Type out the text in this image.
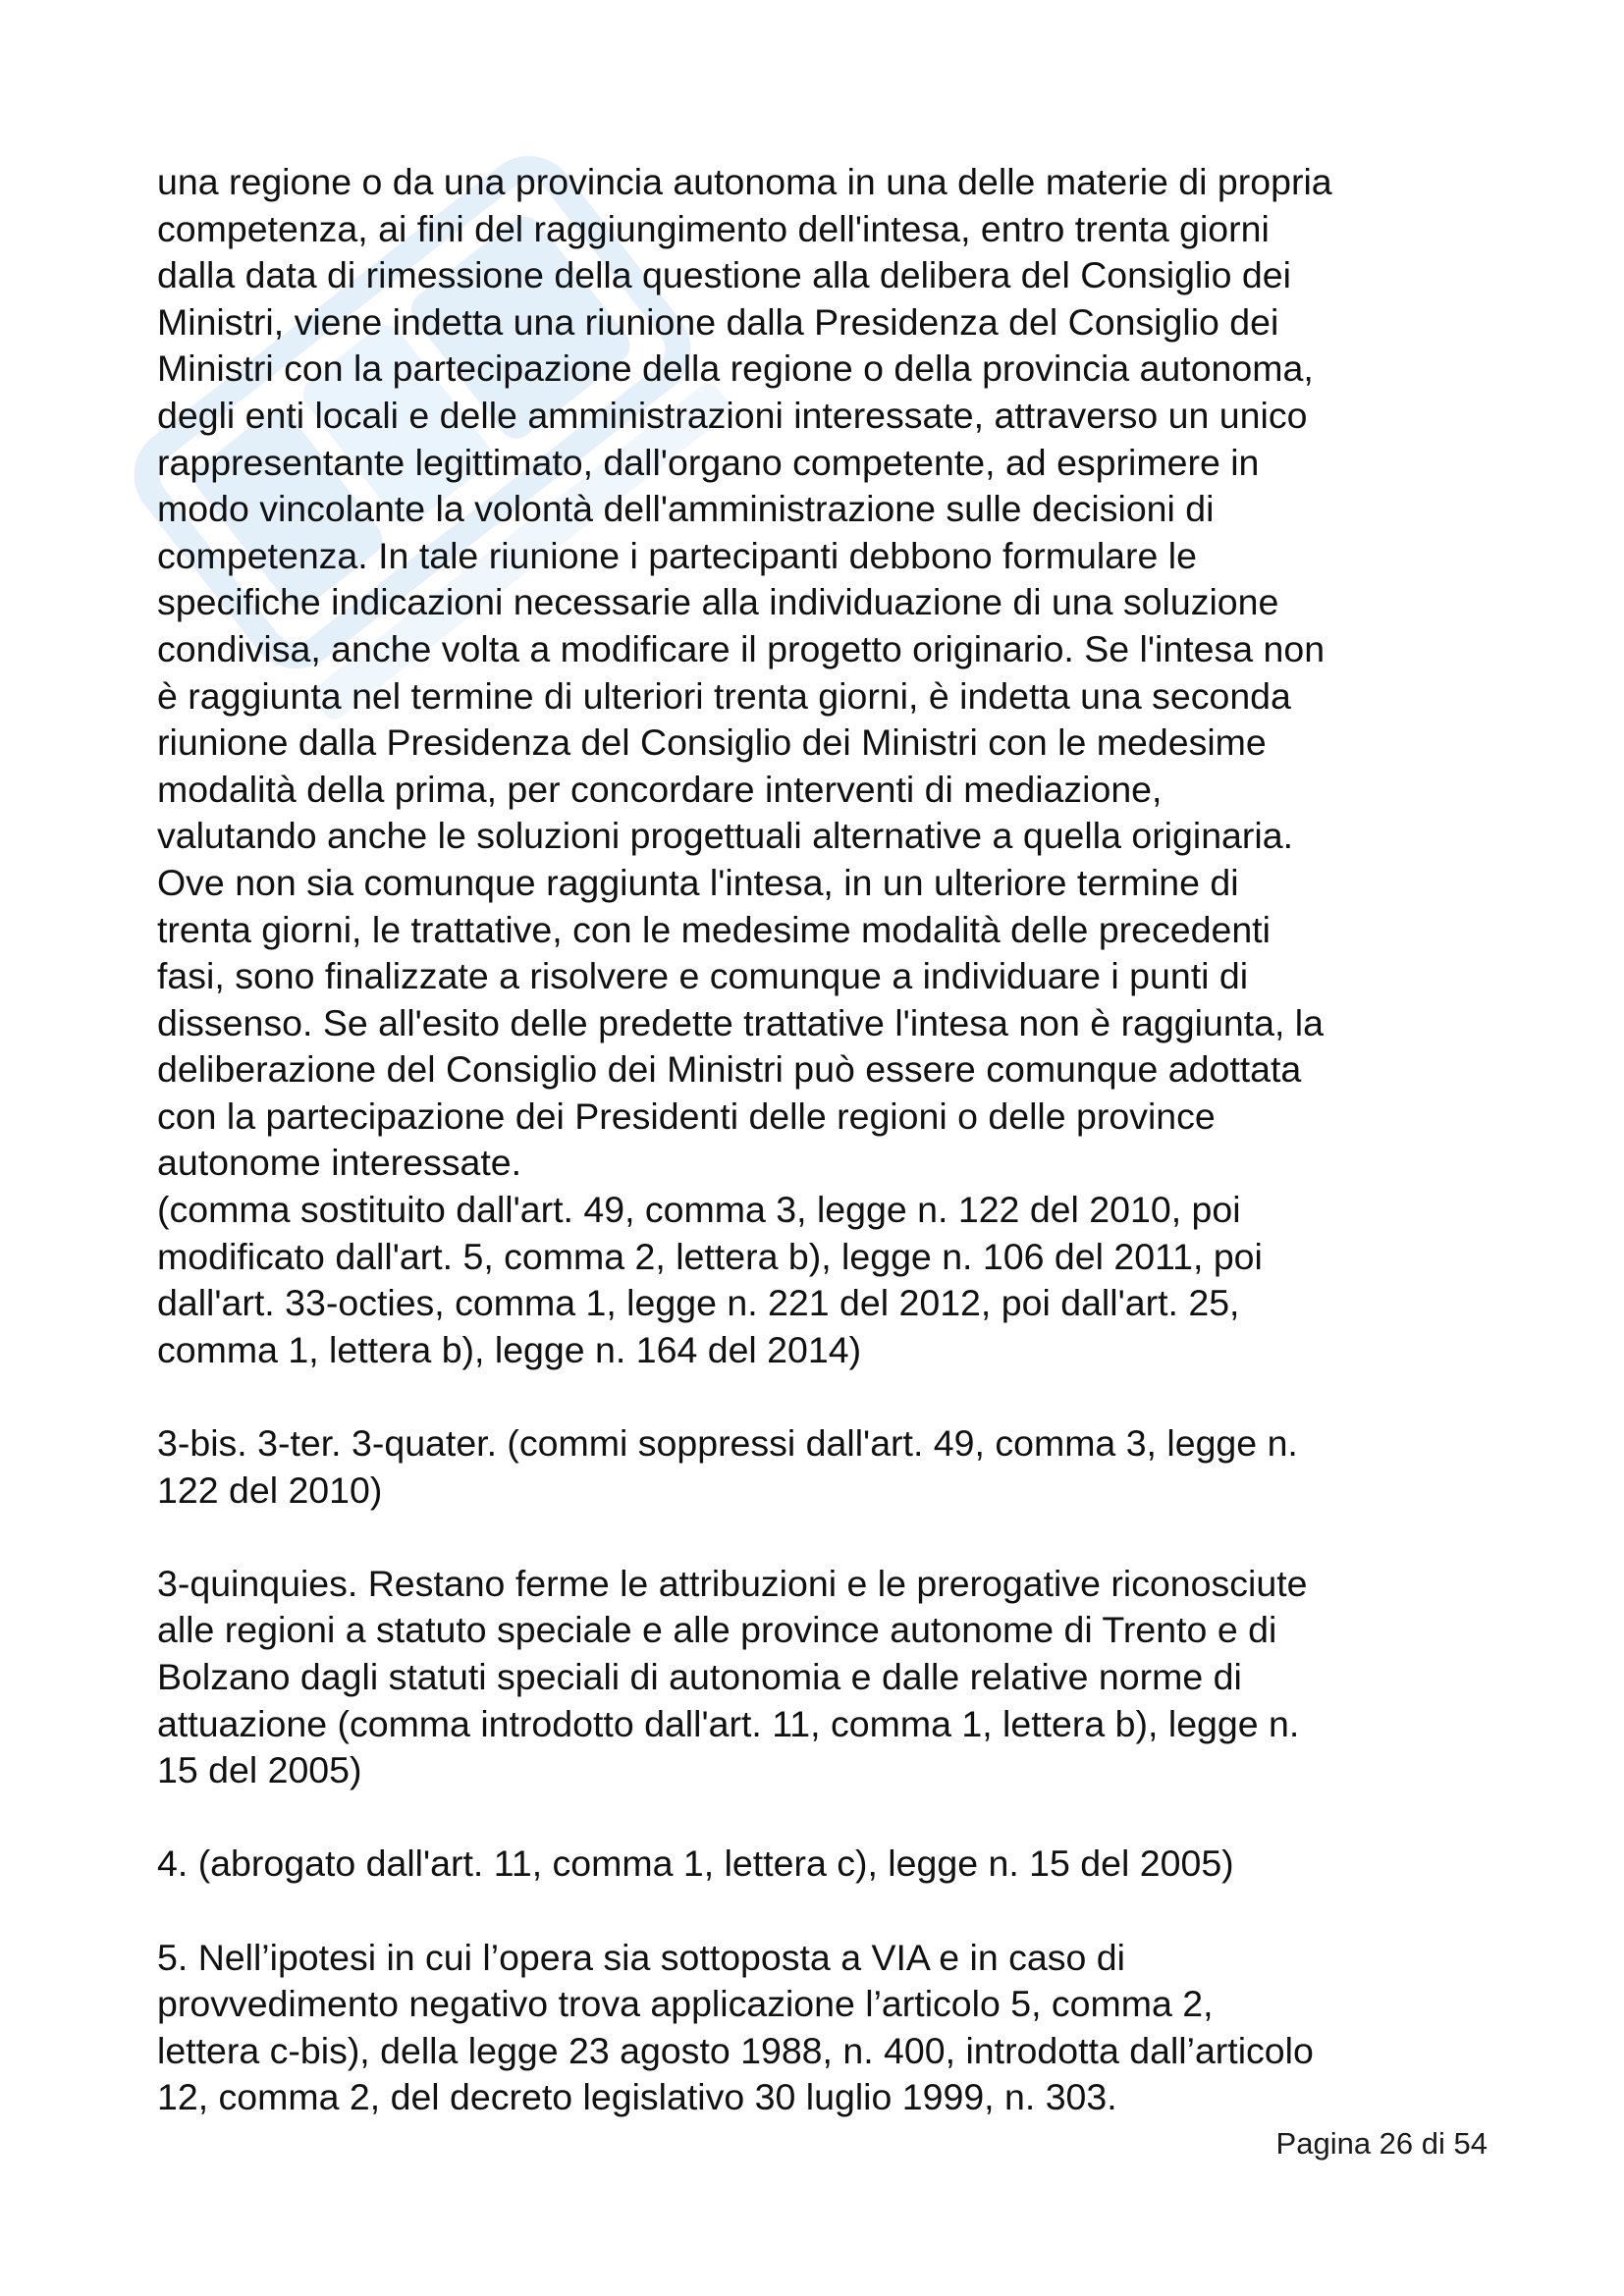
una regione o da una provincia autonoma in una delle materie di propria
competenza, ai fini del raggiungimento dell'intesa, entro trenta giorni
dalla data di rimessione della questione alla delibera del Consiglio dei
Ministri, viene indetta una riunione dalla Presidenza del Consiglio dei
Ministri con la partecipazione della regione o della provincia autonoma,
degli enti locali e delle amministrazioni interessate, attraverso un unico
rappresentante legittimato, dall'organo competente, ad esprimere in
modo vincolante la volontà dell'amministrazione sulle decisioni di
competenza. In tale riunione i partecipanti debbono formulare le
specifiche indicazioni necessarie alla individuazione di una soluzione
condivisa, anche volta a modificare il progetto originario. Se l'intesa non
è raggiunta nel termine di ulteriori trenta giorni, è indetta una seconda
riunione dalla Presidenza del Consiglio dei Ministri con le medesime
modalità della prima, per concordare interventi di mediazione,
valutando anche le soluzioni progettuali alternative a quella originaria.
Ove non sia comunque raggiunta l'intesa, in un ulteriore termine di
trenta giorni, le trattative, con le medesime modalità delle precedenti
fasi, sono finalizzate a risolvere e comunque a individuare i punti di
dissenso. Se all'esito delle predette trattative l'intesa non è raggiunta, la
deliberazione del Consiglio dei Ministri può essere comunque adottata
con la partecipazione dei Presidenti delle regioni o delle province
autonome interessate.
(comma sostituito dall'art. 49, comma 3, legge n. 122 del 2010, poi
modificato dall'art. 5, comma 2, lettera b), legge n. 106 del 2011, poi
dall'art. 33-octies, comma 1, legge n. 221 del 2012, poi dall'art. 25,
comma 1, lettera b), legge n. 164 del 2014)

3-bis. 3-ter. 3-quater. (commi soppressi dall'art. 49, comma 3, legge n.
122 del 2010)

3-quinquies. Restano ferme le attribuzioni e le prerogative riconosciute
alle regioni a statuto speciale e alle province autonome di Trento e di
Bolzano dagli statuti speciali di autonomia e dalle relative norme di
attuazione (comma introdotto dall'art. 11, comma 1, lettera b), legge n.
15 del 2005)

4. (abrogato dall'art. 11, comma 1, lettera c), legge n. 15 del 2005)

5. Nell’ipotesi in cui l’opera sia sottoposta a VIA e in caso di
provvedimento negativo trova applicazione l’articolo 5, comma 2,
lettera c-bis), della legge 23 agosto 1988, n. 400, introdotta dall’articolo
12, comma 2, del decreto legislativo 30 luglio 1999, n. 303.

Pagina 26 di 54
